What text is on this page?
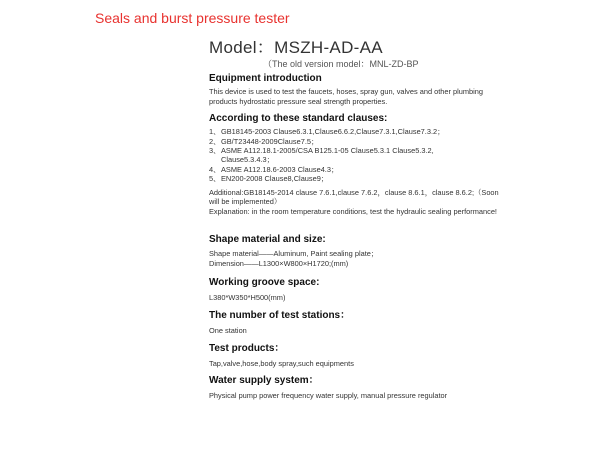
Seals and burst pressure tester
Model：MSZH-AD-AA
（The old version model：MNL-ZD-BP
Equipment introduction
This device is used to test the faucets, hoses, spray gun, valves and other plumbing products hydrostatic pressure seal strength properties.
According to these standard clauses:
1、GB18145-2003 Clause6.3.1,Clause6.6.2,Clause7.3.1,Clause7.3.2；
2、GB/T23448-2009Clause7.5；
3、ASME A112.18.1-2005/CSA B125.1-05 Clause5.3.1 Clause5.3.2,
Clause5.3.4.3；
4、ASME A112.18.6-2003 Clause4.3；
5、EN200-2008 Clause8,Clause9；
Additional:GB18145-2014 clause 7.6.1,clause 7.6.2，clause 8.6.1，clause 8.6.2;（Soon will be implemented）
Explanation: in the room temperature conditions, test the hydraulic sealing performance!
Shape material and size:
Shape material——Aluminum, Paint sealing plate；
Dimension——L1300×W800×H1720;(mm)
Working groove space:
L380*W350*H500(mm)
The number of test stations：
One station
Test products：
Tap,valve,hose,body spray,such equipments
Water supply system：
Physical pump power frequency water supply, manual pressure regulator
